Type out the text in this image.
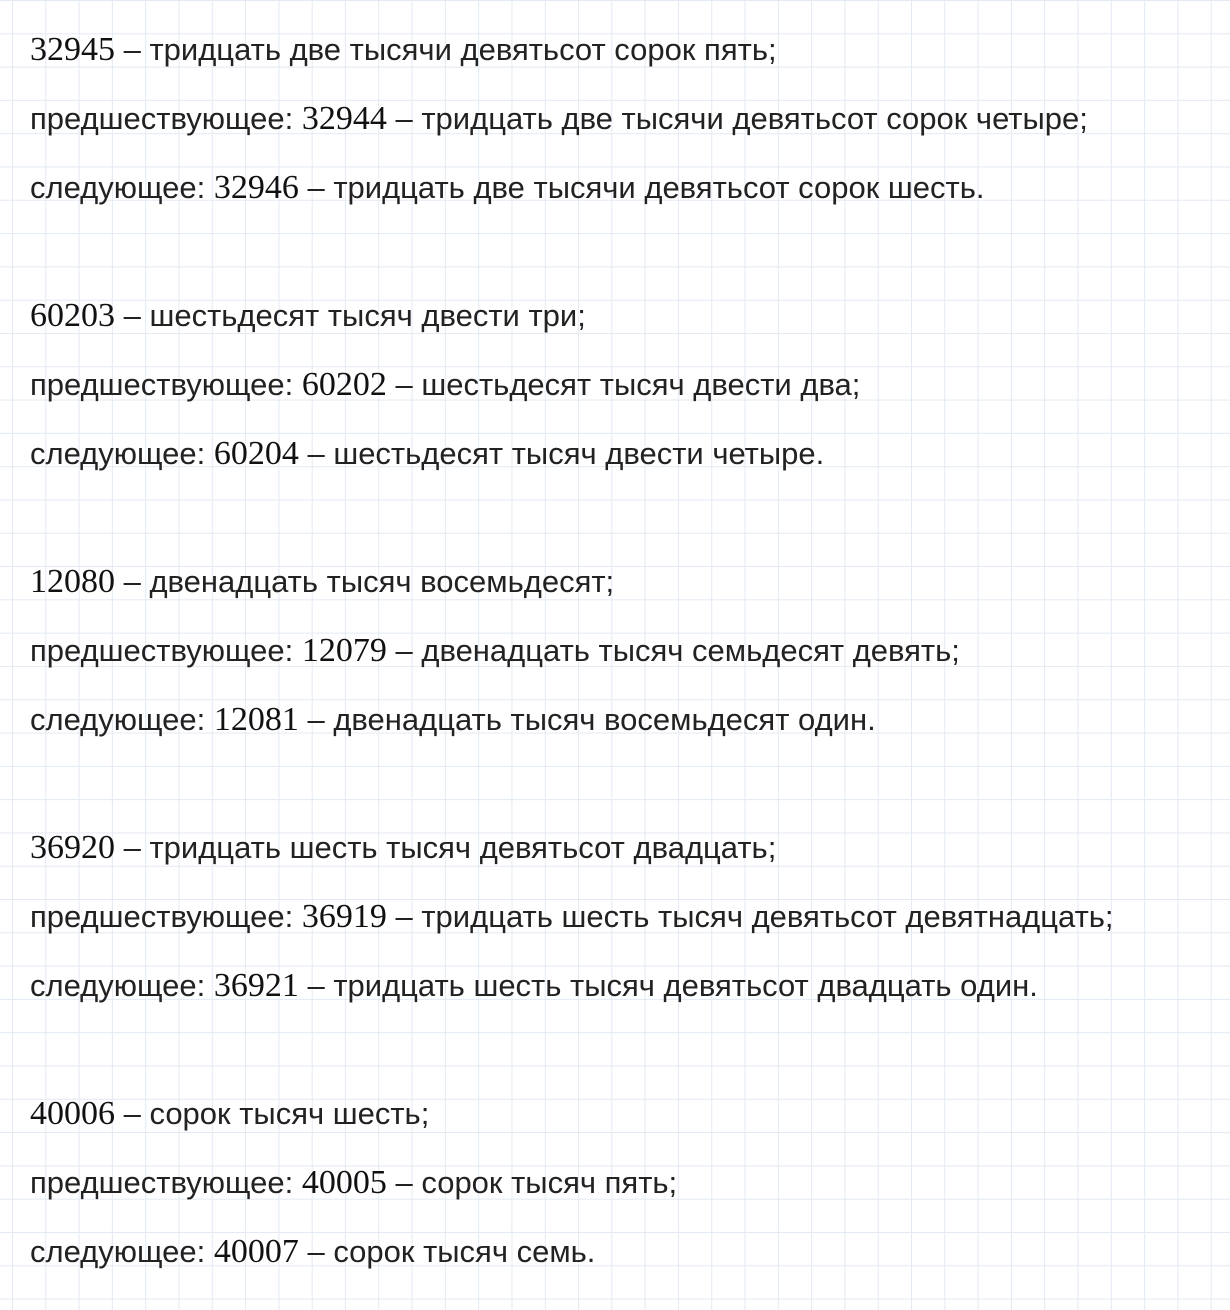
32945 – тридцать две тысячи девятьсот сорок пять;
предшествующее: 32944 – тридцать две тысячи девятьсот сорок четыре;
следующее: 32946 – тридцать две тысячи девятьсот сорок шесть.
60203 – шестьдесят тысяч двести три;
предшествующее: 60202 – шестьдесят тысяч двести два;
следующее: 60204 – шестьдесят тысяч двести четыре.
12080 – двенадцать тысяч восемьдесят;
предшествующее: 12079 – двенадцать тысяч семьдесят девять;
следующее: 12081 – двенадцать тысяч восемьдесят один.
36920 – тридцать шесть тысяч девятьсот двадцать;
предшествующее: 36919 – тридцать шесть тысяч девятьсот девятнадцать;
следующее: 36921 – тридцать шесть тысяч девятьсот двадцать один.
40006 – сорок тысяч шесть;
предшествующее: 40005 – сорок тысяч пять;
следующее: 40007 – сорок тысяч семь.
